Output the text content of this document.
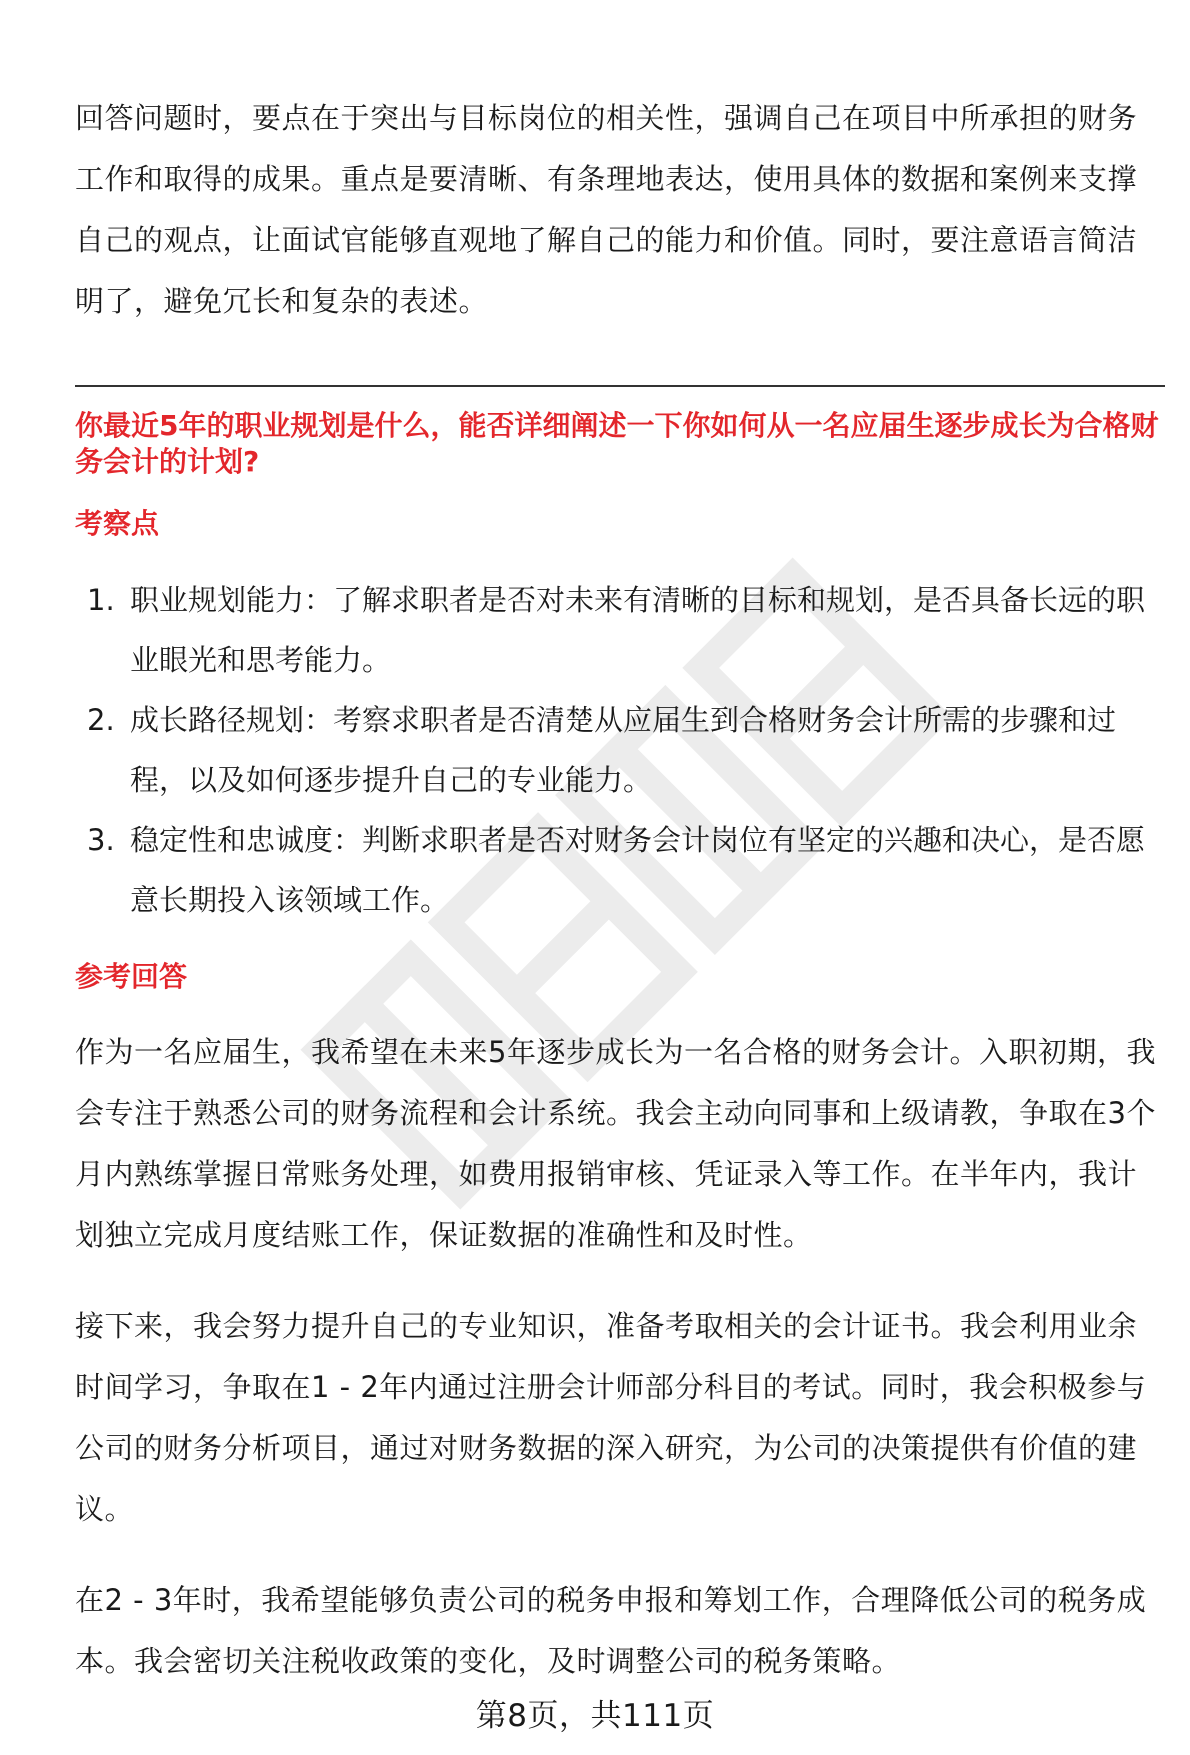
回答问题时，要点在于突出与目标岗位的相关性，强调自己在项目中所承担的财务工作和取得的成果。重点是要清晰、有条理地表达，使用具体的数据和案例来支撑自己的观点，让面试官能够直观地了解自己的能力和价值。同时，要注意语言简洁明了，避免冗长和复杂的表述。

你最近5年的职业规划是什么，能否详细阐述一下你如何从一名应届生逐步成长为合格财务会计的计划?

考察点

1. 职业规划能力：了解求职者是否对未来有清晰的目标和规划，是否具备长远的职业眼光和思考能力。
2. 成长路径规划：考察求职者是否清楚从应届生到合格财务会计所需的步骤和过程，以及如何逐步提升自己的专业能力。
3. 稳定性和忠诚度：判断求职者是否对财务会计岗位有坚定的兴趣和决心，是否愿意长期投入该领域工作。

参考回答

作为一名应届生，我希望在未来5年逐步成长为一名合格的财务会计。入职初期，我会专注于熟悉公司的财务流程和会计系统。我会主动向同事和上级请教，争取在3个月内熟练掌握日常账务处理，如费用报销审核、凭证录入等工作。在半年内，我计划独立完成月度结账工作，保证数据的准确性和及时性。

接下来，我会努力提升自己的专业知识，准备考取相关的会计证书。我会利用业余时间学习，争取在1 - 2年内通过注册会计师部分科目的考试。同时，我会积极参与公司的财务分析项目，通过对财务数据的深入研究，为公司的决策提供有价值的建议。

在2 - 3年时，我希望能够负责公司的税务申报和筹划工作，合理降低公司的税务成本。我会密切关注税收政策的变化，及时调整公司的税务策略。

第8页，共111页
